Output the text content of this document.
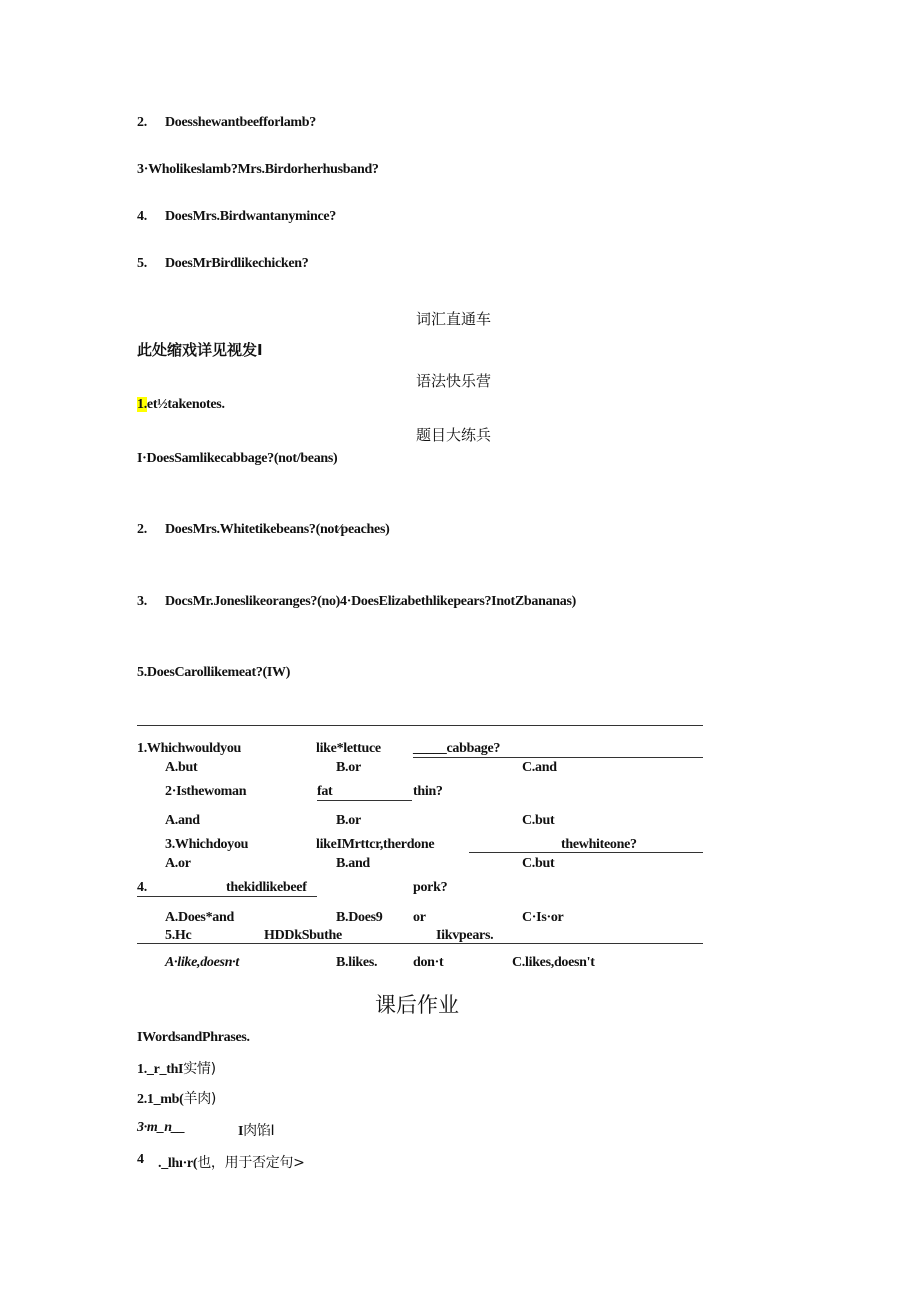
2. Doesshewantbeefforlamb?
3·Wholikeslamb?Mrs.Birdorherhusband?
4. DoesMrs.Birdwantanymince?
5. DoesMrBirdlikechicken?
词汇直通车
此处缩戏详见视发I
语法快乐营
1.et½takenotes.
题目大练兵
I·DoesSamlikecabbage?(not/beans)
2. DoesMrs.Whitetikebeans?(not⁄peaches)
3. DocsMr.Joneslikeoranges?(no)4·DoesElizabethlikepears?InotZbananas)
5.DoesCarollikemeat?(IW)
1.Whichwouldyou	like*lettuce _____cabbage?
A.but	B.or	C.and
2·Isthewoman	fat	thin?
A.and	B.or	C.but
3.Whichdoyou	likeIMrttcr,therdone	thewhiteone?
A.or	B.and	C.but
4.	thekidlikebeef	pork?
A.Does*and	B.Does9 or	C·Is·or
5.Hc	HDDkSbuthe	Iikvpears.
A·like,doesn·t	B.likes.	don·t	C.likes,doesn't
课后作业
IWordsandPhrases.
1._r_thI实情)
2.1_mb(羊肉)
3·m_n__	I肉馅I
4 ._lhı·r(也，用于否定句>
